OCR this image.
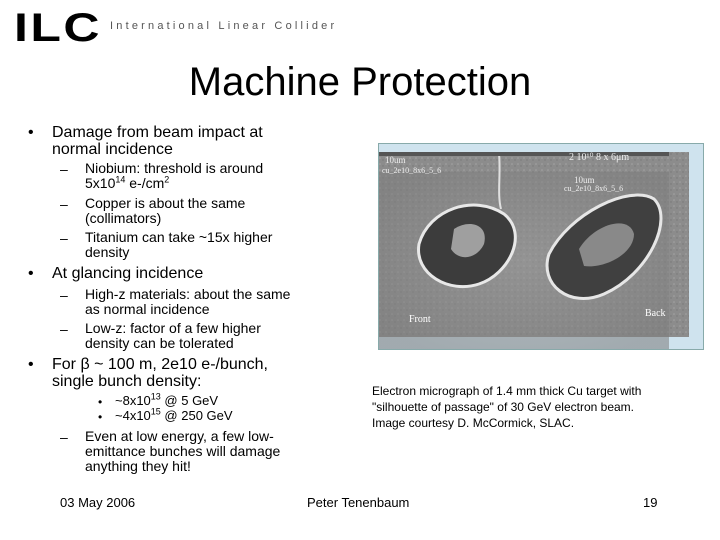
ILC International Linear Collider
Machine Protection
• Damage from beam impact at
normal incidence
– Niobium: threshold is around
$5x10^{14}$ $e-/cm^2$
– Copper is about the same
(collimators)
– Titanium can take ~15x higher
density
• At glancing incidence
– High-z materials: about the same
as normal incidence
– Low-z: factor of a few higher
density can be tolerated
• For β ~ 100 m, 2e10 e-/bunch,
single bunch density:
• $\sim 8x10^{13}$ @ 5 GeV
• $\sim 4x10^{15}$ @ 250 GeV
– Even at low energy, a few low-
emittance bunches will damage
anything they hit!
10um
cu_2e10_8x6_5_6
2 10¹⁰ 8 x 6μm
10um
cu_2e10_8x6_5_6
Front
Back
Electron micrograph of 1.4 mm thick Cu target with
"silhouette of passage" of 30 GeV electron beam.
Image courtesy D. McCormick, SLAC.
03 May 2006	Peter Tenenbaum	19
